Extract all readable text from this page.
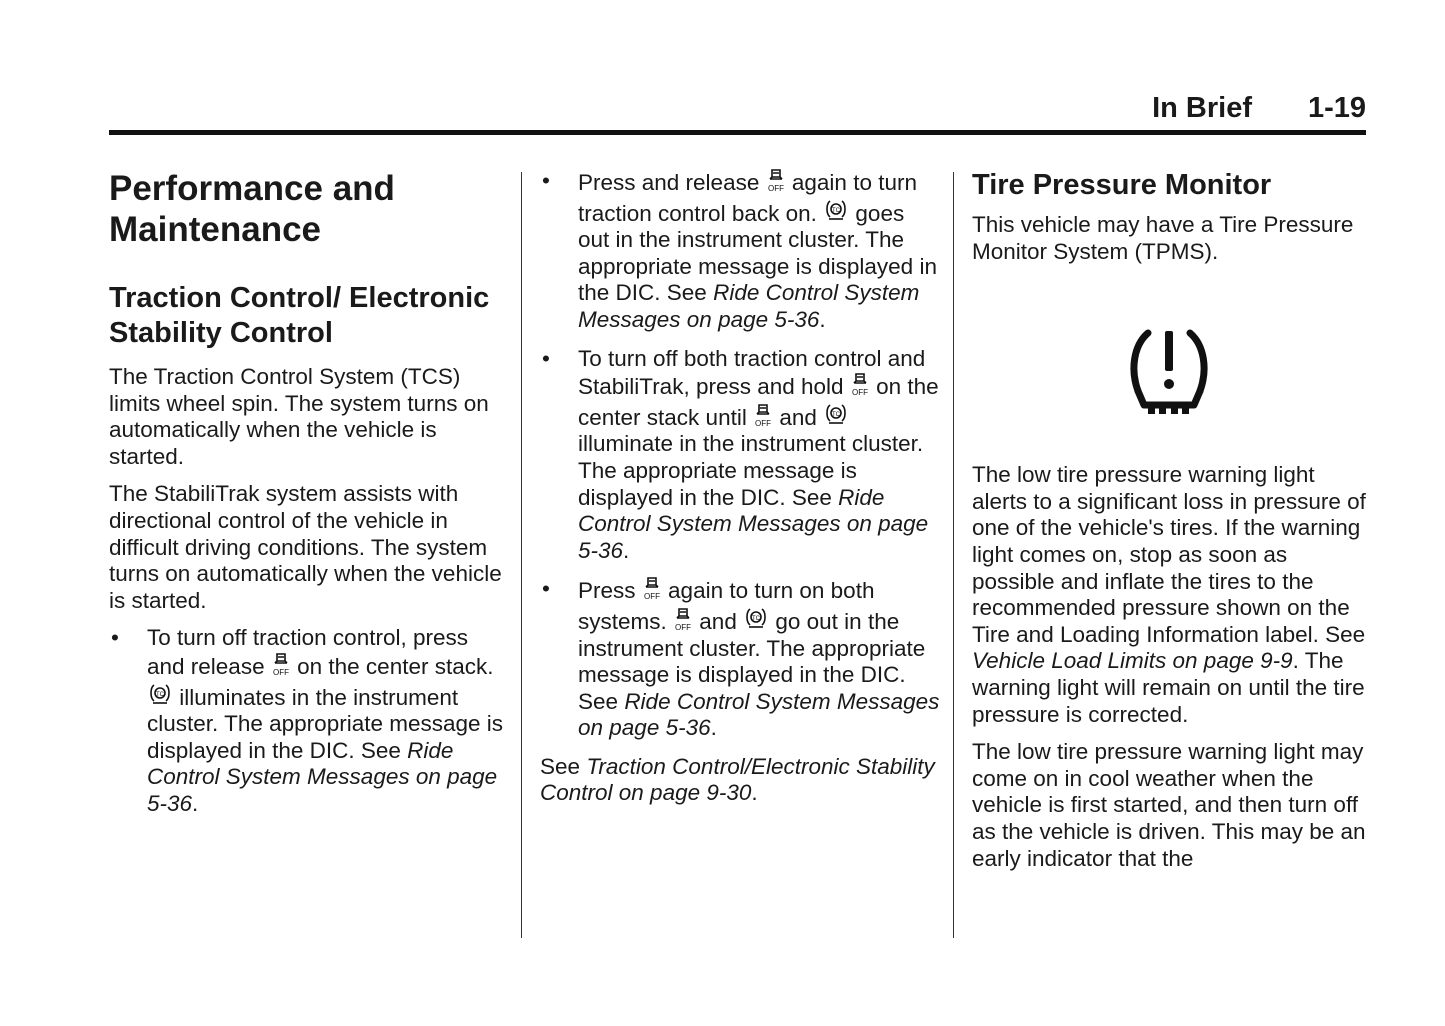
In Brief 1-19
Performance and Maintenance
Traction Control/ Electronic Stability Control

The Traction Control System (TCS) limits wheel spin. The system turns on automatically when the vehicle is started.

The StabiliTrak system assists with directional control of the vehicle in difficult driving conditions. The system turns on automatically when the vehicle is started.

• To turn off traction control, press and release OFF on the center stack.
TC illuminates in the instrument cluster. The appropriate message is displayed in the DIC. See Ride Control System Messages on page 5-36.
• Press and release OFF again to turn traction control back on.	TC goes out in the instrument cluster. The appropriate message is displayed in the DIC. See Ride Control System Messages on page 5-36.
• To turn off both traction control and StabiliTrak, press and hold OFF on the center stack until OFF and	TC
illuminate in the instrument cluster. The appropriate message is displayed in the DIC. See Ride Control System Messages on page 5-36.
• Press OFF again to turn on both systems. OFF and	TC go out in the instrument cluster. The appropriate message is displayed in the DIC. See Ride Control System Messages on page 5-36.

See Traction Control/Electronic Stability Control on page 9-30.

Tire Pressure Monitor

This vehicle may have a Tire Pressure Monitor System (TPMS).

The low tire pressure warning light alerts to a significant loss in pressure of one of the vehicle's tires. If the warning light comes on, stop as soon as possible and inflate the tires to the recommended pressure shown on the Tire and Loading Information label. See Vehicle Load Limits on page 9-9. The warning light will remain on until the tire pressure is corrected.

The low tire pressure warning light may come on in cool weather when the vehicle is first started, and then turn off as the vehicle is driven. This may be an early indicator that the
